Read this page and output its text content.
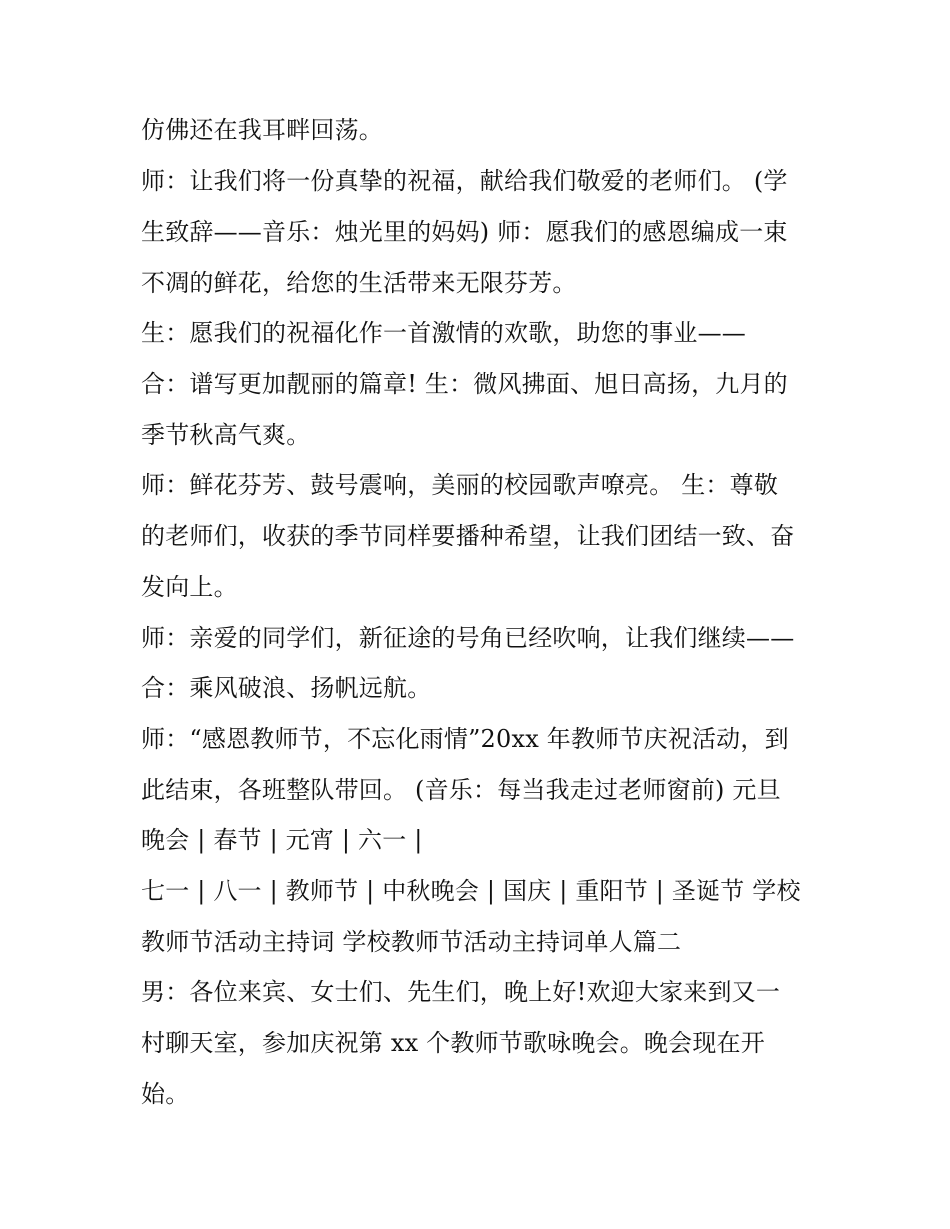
仿佛还在我耳畔回荡。
师：让我们将一份真挚的祝福，献给我们敬爱的老师们。 (学
生致辞——音乐：烛光里的妈妈) 师：愿我们的感恩编成一束
不凋的鲜花，给您的生活带来无限芬芳。
生：愿我们的祝福化作一首激情的欢歌，助您的事业——
合：谱写更加靓丽的篇章! 生：微风拂面、旭日高扬，九月的
季节秋高气爽。
师：鲜花芬芳、鼓号震响，美丽的校园歌声嘹亮。 生：尊敬
的老师们，收获的季节同样要播种希望，让我们团结一致、奋
发向上。
师：亲爱的同学们，新征途的号角已经吹响，让我们继续——
合：乘风破浪、扬帆远航。
师：“感恩教师节，不忘化雨情”20xx 年教师节庆祝活动，到
此结束，各班整队带回。 (音乐：每当我走过老师窗前) 元旦
晚会 | 春节 | 元宵 | 六一 |
七一 | 八一 | 教师节 | 中秋晚会 | 国庆 | 重阳节 | 圣诞节 学校
教师节活动主持词 学校教师节活动主持词单人篇二
男：各位来宾、女士们、先生们，晚上好!欢迎大家来到又一
村聊天室，参加庆祝第 xx 个教师节歌咏晚会。晚会现在开
始。
